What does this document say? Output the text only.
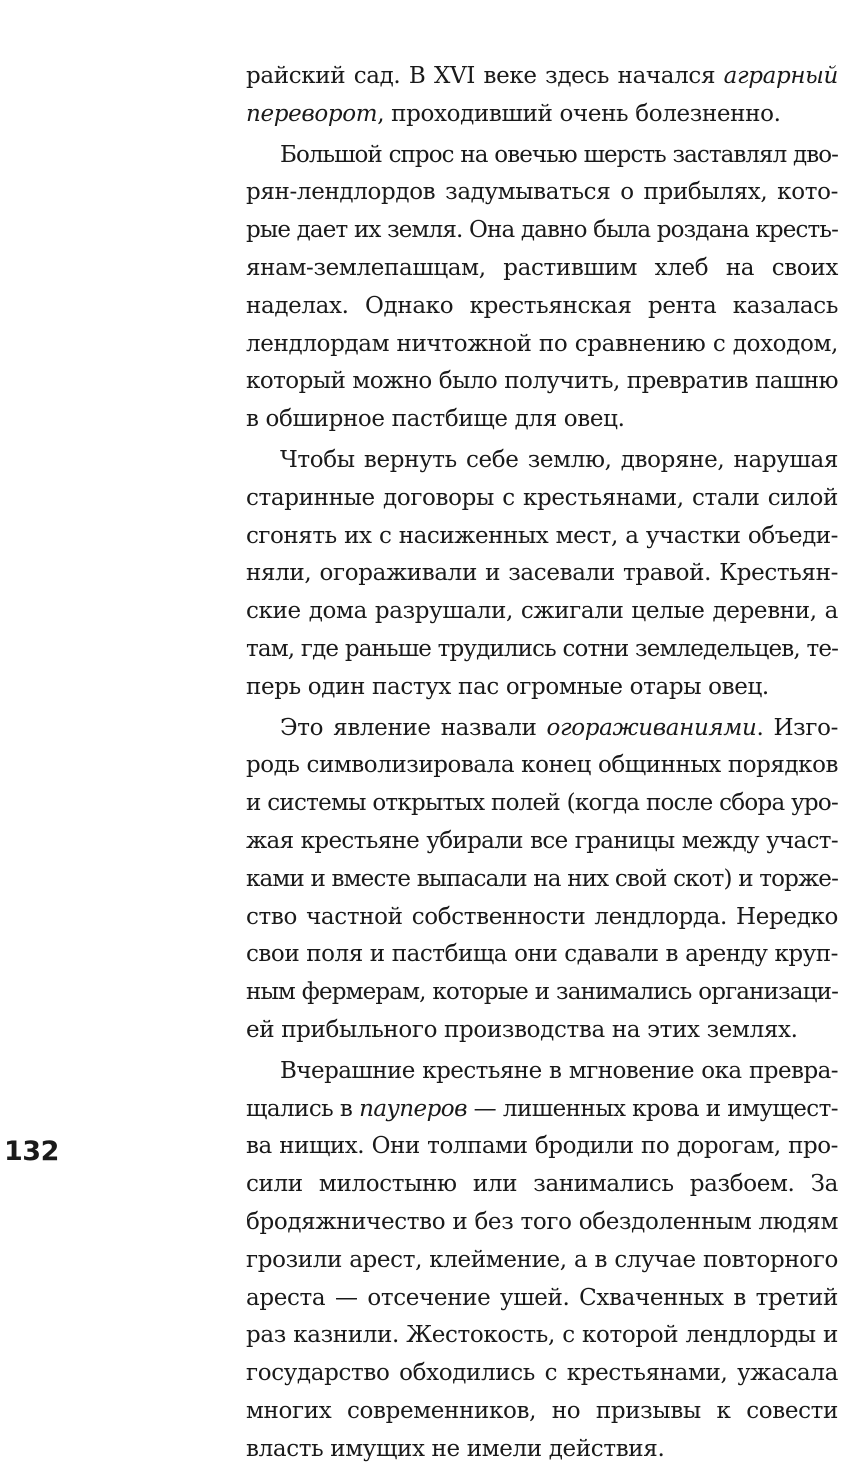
райский сад. В XVI веке здесь начался аграрный
переворот, проходивший очень болезненно.
Большой спрос на овечью шерсть заставлял дво-
рян-лендлордов задумываться о прибылях, кото-
рые дает их земля. Она давно была роздана кресть-
янам-землепашцам, растившим хлеб на своих
наделах. Однако крестьянская рента казалась
лендлордам ничтожной по сравнению с доходом,
который можно было получить, превратив пашню
в обширное пастбище для овец.
Чтобы вернуть себе землю, дворяне, нарушая
старинные договоры с крестьянами, стали силой
сгонять их с насиженных мест, а участки объеди-
няли, огораживали и засевали травой. Крестьян-
ские дома разрушали, сжигали целые деревни, а
там, где раньше трудились сотни земледельцев, те-
перь один пастух пас огромные отары овец.
Это явление назвали огораживаниями. Изго-
родь символизировала конец общинных порядков
и системы открытых полей (когда после сбора уро-
жая крестьяне убирали все границы между участ-
ками и вместе выпасали на них свой скот) и торже-
ство частной собственности лендлорда. Нередко
свои поля и пастбища они сдавали в аренду круп-
ным фермерам, которые и занимались организаци-
ей прибыльного производства на этих землях.
Вчерашние крестьяне в мгновение ока превра-
щались в пауперов — лишенных крова и имущест-
ва нищих. Они толпами бродили по дорогам, про-
сили милостыню или занимались разбоем. За
бродяжничество и без того обездоленным людям
грозили арест, клеймение, а в случае повторного
ареста — отсечение ушей. Схваченных в третий
раз казнили. Жестокость, с которой лендлорды и
государство обходились с крестьянами, ужасала
многих современников, но призывы к совести
власть имущих не имели действия.
132
